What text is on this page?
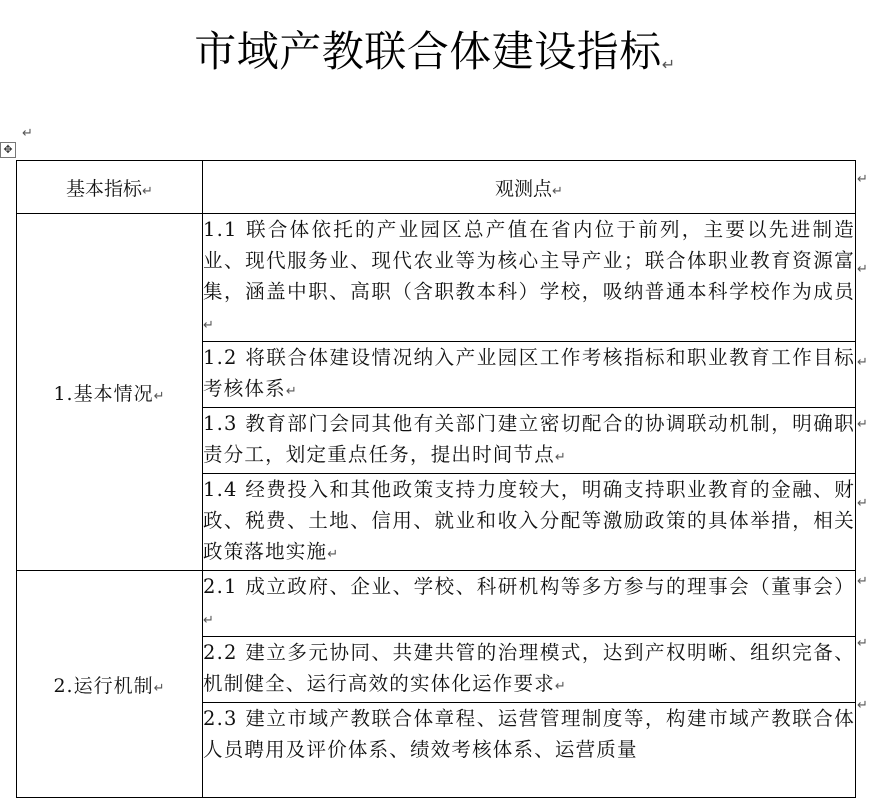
市域产教联合体建设指标↵
↵
✥
基本指标↵	观测点↵
1.基本情况↵	1.1 联合体依托的产业园区总产值在省内位于前列，主要以先进制造业、现代服务业、现代农业等为核心主导产业；联合体职业教育资源富集，涵盖中职、高职（含职教本科）学校，吸纳普通本科学校作为成员↵
	1.2 将联合体建设情况纳入产业园区工作考核指标和职业教育工作目标考核体系↵
	1.3 教育部门会同其他有关部门建立密切配合的协调联动机制，明确职责分工，划定重点任务，提出时间节点↵
	1.4 经费投入和其他政策支持力度较大，明确支持职业教育的金融、财政、税费、土地、信用、就业和收入分配等激励政策的具体举措，相关政策落地实施↵
2.运行机制↵	2.1 成立政府、企业、学校、科研机构等多方参与的理事会（董事会）↵
	2.2 建立多元协同、共建共管的治理模式，达到产权明晰、组织完备、机制健全、运行高效的实体化运作要求↵
	2.3 建立市域产教联合体章程、运营管理制度等，构建市域产教联合体人员聘用及评价体系、绩效考核体系、运营质量
↵
↵
↵
↵
↵
↵
↵
↵
